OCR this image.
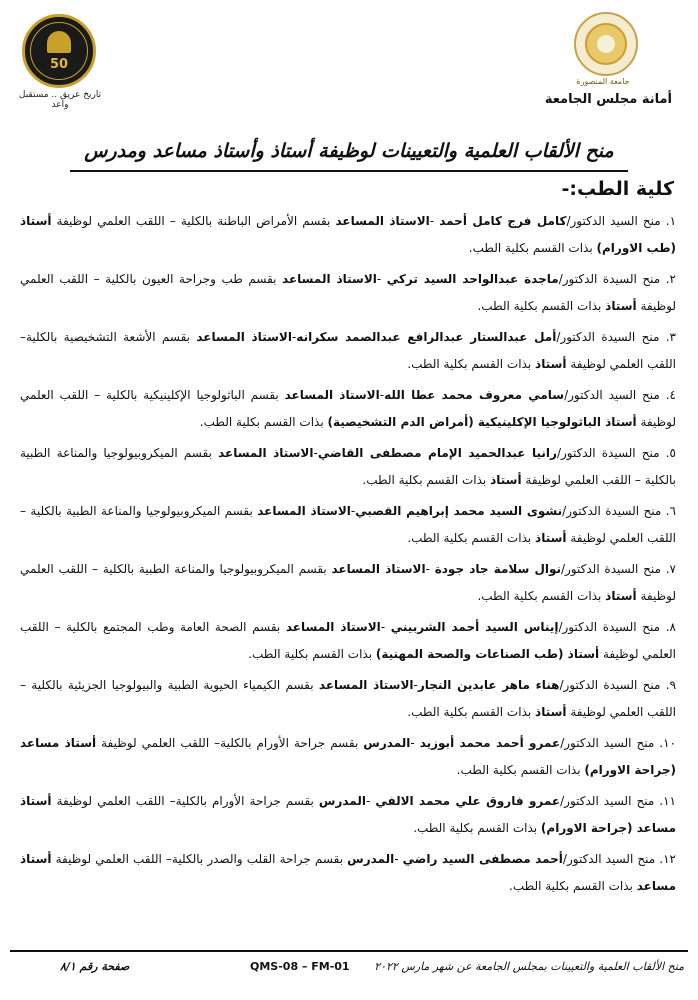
50
تاريخ عريق .. مستقبل واعد
جامعة المنصورة
أمانة مجلس الجامعة
منح الألقاب العلمية والتعيينات لوظيفة أستاذ وأستاذ مساعد ومدرس
كلية الطب:-

١. منح السيد الدكتور/كامل فرج كامل أحمد -الاستاذ المساعد بقسم الأمراض الباطنة بالكلية – اللقب العلمي لوظيفة أستاذ (طب الاورام) بذات القسم بكلية الطب.

٢. منح السيدة الدكتور/ماجدة عبدالواحد السيد تركي -الاستاذ المساعد بقسم طب وجراحة العيون بالكلية – اللقب العلمي لوظيفة أستاذ بذات القسم بكلية الطب.

٣. منح السيدة الدكتور/أمل عبدالستار عبدالرافع عبدالصمد سكرانه-الاستاذ المساعد بقسم الأشعة التشخيصية بالكلية– اللقب العلمي لوظيفة أستاذ بذات القسم بكلية الطب.

٤. منح السيد الدكتور/سامي معروف محمد عطا الله-الاستاذ المساعد بقسم الباثولوجيا الإكلينيكية بالكلية – اللقب العلمي لوظيفة أستاذ الباثولوجيا الإكلينيكية (أمراض الدم التشخيصية) بذات القسم بكلية الطب.

٥. منح السيدة الدكتور/رانيا عبدالحميد الإمام مصطفى القاضي-الاستاذ المساعد بقسم الميكروبيولوجيا والمناعة الطبية بالكلية – اللقب العلمي لوظيفة أستاذ بذات القسم بكلية الطب.

٦. منح السيدة الدكتور/نشوى السيد محمد إبراهيم القصبي-الاستاذ المساعد بقسم الميكروبيولوجيا والمناعة الطبية بالكلية – اللقب العلمي لوظيفة أستاذ بذات القسم بكلية الطب.

٧. منح السيدة الدكتور/نوال سلامة جاد جودة -الاستاذ المساعد بقسم الميكروبيولوجيا والمناعة الطبية بالكلية – اللقب العلمي لوظيفة أستاذ بذات القسم بكلية الطب.

٨. منح السيدة الدكتور/إيناس السيد أحمد الشربيني -الاستاذ المساعد بقسم الصحة العامة وطب المجتمع بالكلية – اللقب العلمي لوظيفة أستاذ (طب الصناعات والصحة المهنية) بذات القسم بكلية الطب.

٩. منح السيدة الدكتور/هناء ماهر عابدين النجار-الاستاذ المساعد بقسم الكيمياء الحيوية الطبية والبيولوجيا الجزيئية بالكلية – اللقب العلمي لوظيفة أستاذ بذات القسم بكلية الطب.

١٠. منح السيد الدكتور/عمرو أحمد محمد أبوزيد -المدرس بقسم جراحة الأورام بالكلية– اللقب العلمي لوظيفة أستاذ مساعد (جراحة الاورام) بذات القسم بكلية الطب.

١١. منح السيد الدكتور/عمرو فاروق علي محمد الالفي -المدرس بقسم جراحة الأورام بالكلية– اللقب العلمي لوظيفة أستاذ مساعد (جراحة الاورام) بذات القسم بكلية الطب.

١٢. منح السيد الدكتور/أحمد مصطفى السيد راضي -المدرس بقسم جراحة القلب والصدر بالكلية– اللقب العلمي لوظيفة أستاذ مساعد بذات القسم بكلية الطب.

منح الألقاب العلمية والتعيينات بمجلس الجامعة عن شهر مارس ٢٠٢٢
QMS-08 – FM-01
صفحة رقم ٨/١
